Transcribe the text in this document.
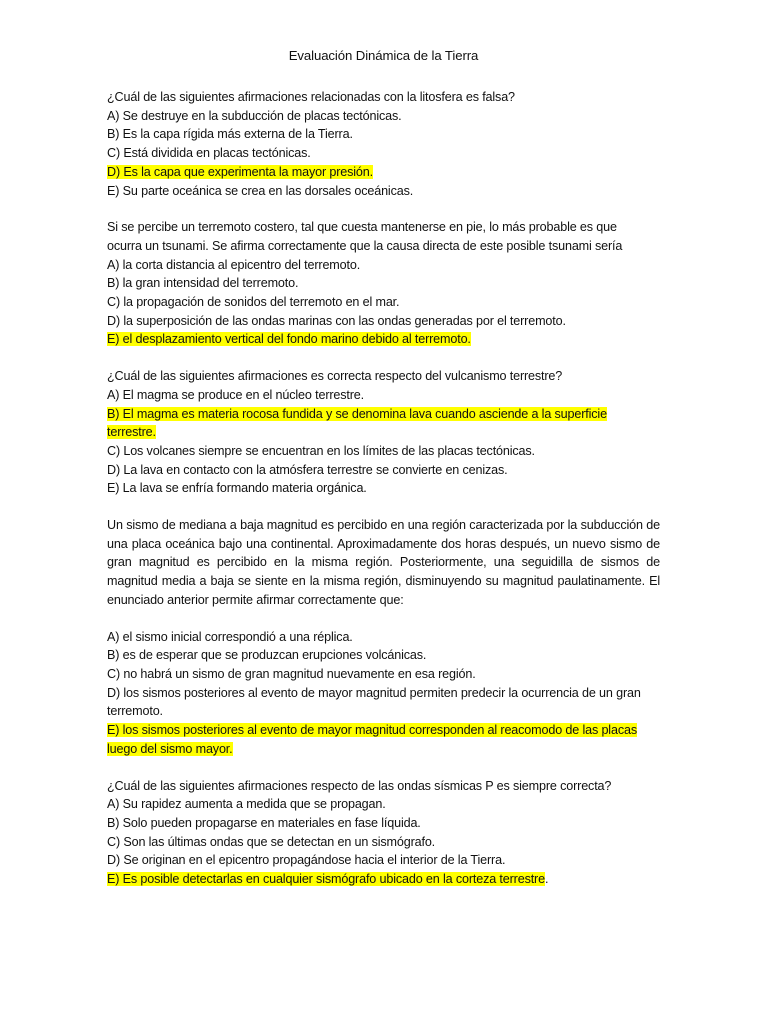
Evaluación Dinámica de la Tierra
¿Cuál de las siguientes afirmaciones relacionadas con la litosfera es falsa?
A) Se destruye en la subducción de placas tectónicas.
B) Es la capa rígida más externa de la Tierra.
C) Está dividida en placas tectónicas.
D) Es la capa que experimenta la mayor presión.
E) Su parte oceánica se crea en las dorsales oceánicas.
Si se percibe un terremoto costero, tal que cuesta mantenerse en pie, lo más probable es que
ocurra un tsunami. Se afirma correctamente que la causa directa de este posible tsunami sería
A) la corta distancia al epicentro del terremoto.
B) la gran intensidad del terremoto.
C) la propagación de sonidos del terremoto en el mar.
D) la superposición de las ondas marinas con las ondas generadas por el terremoto.
E) el desplazamiento vertical del fondo marino debido al terremoto.
¿Cuál de las siguientes afirmaciones es correcta respecto del vulcanismo terrestre?
A) El magma se produce en el núcleo terrestre.
B) El magma es materia rocosa fundida y se denomina lava cuando asciende a la superficie terrestre.
C) Los volcanes siempre se encuentran en los límites de las placas tectónicas.
D) La lava en contacto con la atmósfera terrestre se convierte en cenizas.
E) La lava se enfría formando materia orgánica.
Un sismo de mediana a baja magnitud es percibido en una región caracterizada por la subducción de una placa oceánica bajo una continental. Aproximadamente dos horas después, un nuevo sismo de gran magnitud es percibido en la misma región. Posteriormente, una seguidilla de sismos de magnitud media a baja se siente en la misma región, disminuyendo su magnitud paulatinamente. El enunciado anterior permite afirmar correctamente que:
A) el sismo inicial correspondió a una réplica.
B) es de esperar que se produzcan erupciones volcánicas.
C) no habrá un sismo de gran magnitud nuevamente en esa región.
D) los sismos posteriores al evento de mayor magnitud permiten predecir la ocurrencia de un gran terremoto.
E) los sismos posteriores al evento de mayor magnitud corresponden al reacomodo de las placas luego del sismo mayor.
¿Cuál de las siguientes afirmaciones respecto de las ondas sísmicas P es siempre correcta?
A) Su rapidez aumenta a medida que se propagan.
B) Solo pueden propagarse en materiales en fase líquida.
C) Son las últimas ondas que se detectan en un sismógrafo.
D) Se originan en el epicentro propagándose hacia el interior de la Tierra.
E) Es posible detectarlas en cualquier sismógrafo ubicado en la corteza terrestre.
